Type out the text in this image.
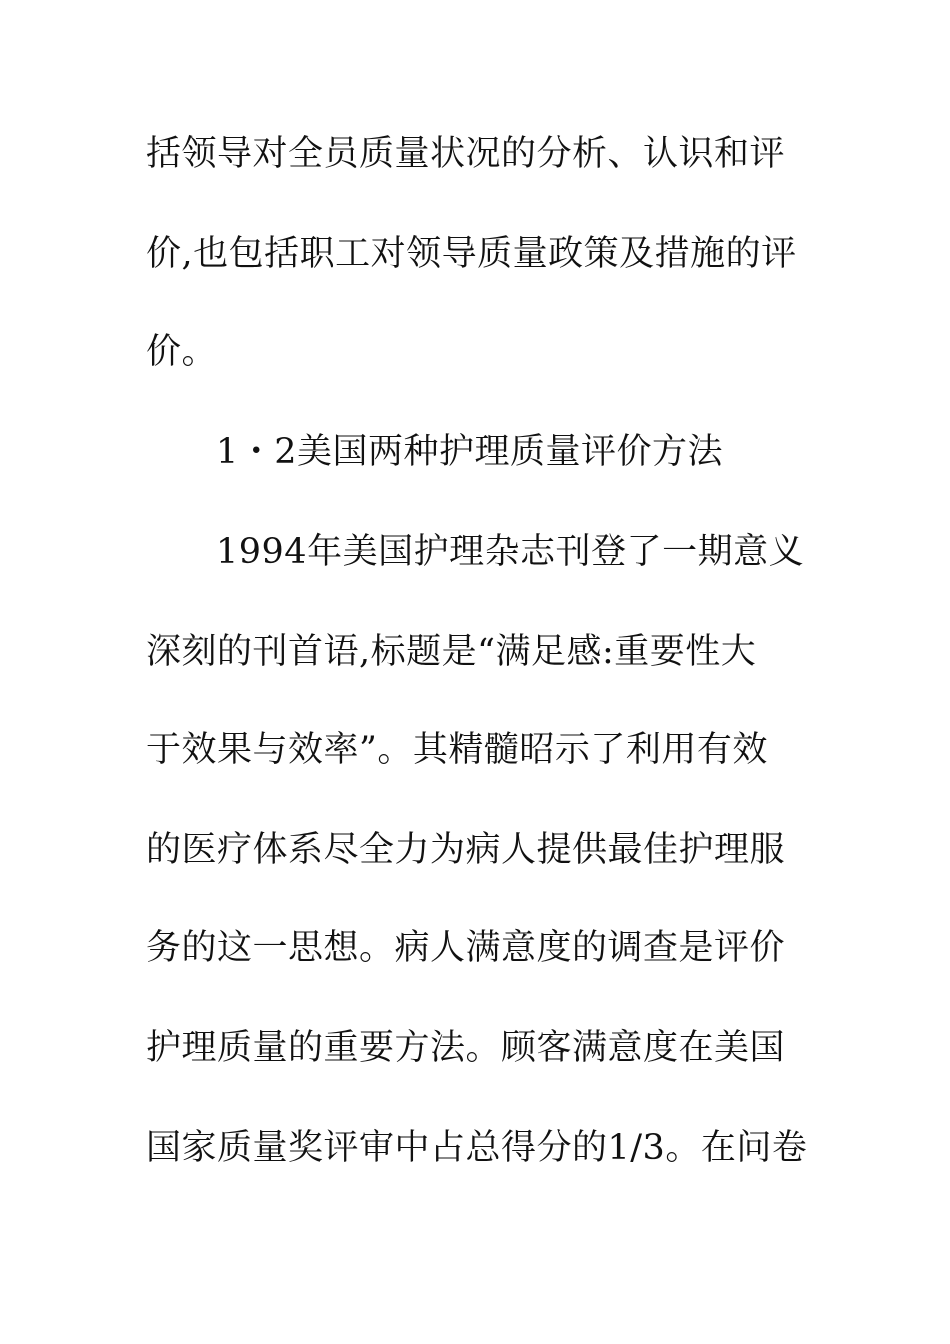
括领导对全员质量状况的分析、认识和评
价,也包括职工对领导质量政策及措施的评
价。
1・2美国两种护理质量评价方法
1994年美国护理杂志刊登了一期意义
深刻的刊首语,标题是“满足感:重要性大
于效果与效率”。其精髓昭示了利用有效
的医疗体系尽全力为病人提供最佳护理服
务的这一思想。病人满意度的调查是评价
护理质量的重要方法。顾客满意度在美国
国家质量奖评审中占总得分的1/3。在问卷
